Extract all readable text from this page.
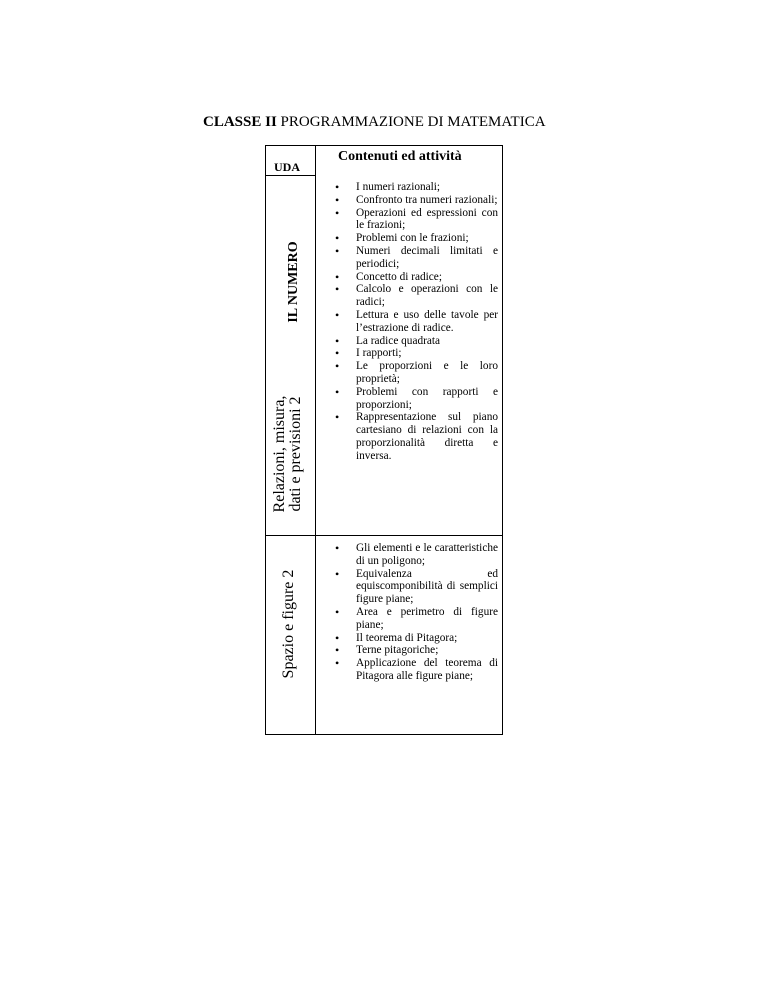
CLASSE II PROGRAMMAZIONE DI MATEMATICA
UDA
Contenuti ed attività
IL NUMERO
Relazioni, misura, dati e previsioni 2
Spazio e figure 2
• I numeri razionali;
• Confronto tra numeri razionali;
• Operazioni ed espressioni con le frazioni;
• Problemi con le frazioni;
• Numeri decimali limitati e periodici;
• Concetto di radice;
• Calcolo e operazioni con le radici;
• Lettura e uso delle tavole per l’estrazione di radice.
• La radice quadrata
• I rapporti;
• Le proporzioni e le loro proprietà;
• Problemi con rapporti e proporzioni;
• Rappresentazione sul piano cartesiano di relazioni con la proporzionalità diretta e inversa.
• Gli elementi e le caratteristiche di un poligono;
• Equivalenza ed equiscomponibilità di semplici figure piane;
• Area e perimetro di figure piane;
• Il teorema di Pitagora;
• Terne pitagoriche;
• Applicazione del teorema di Pitagora alle figure piane;
